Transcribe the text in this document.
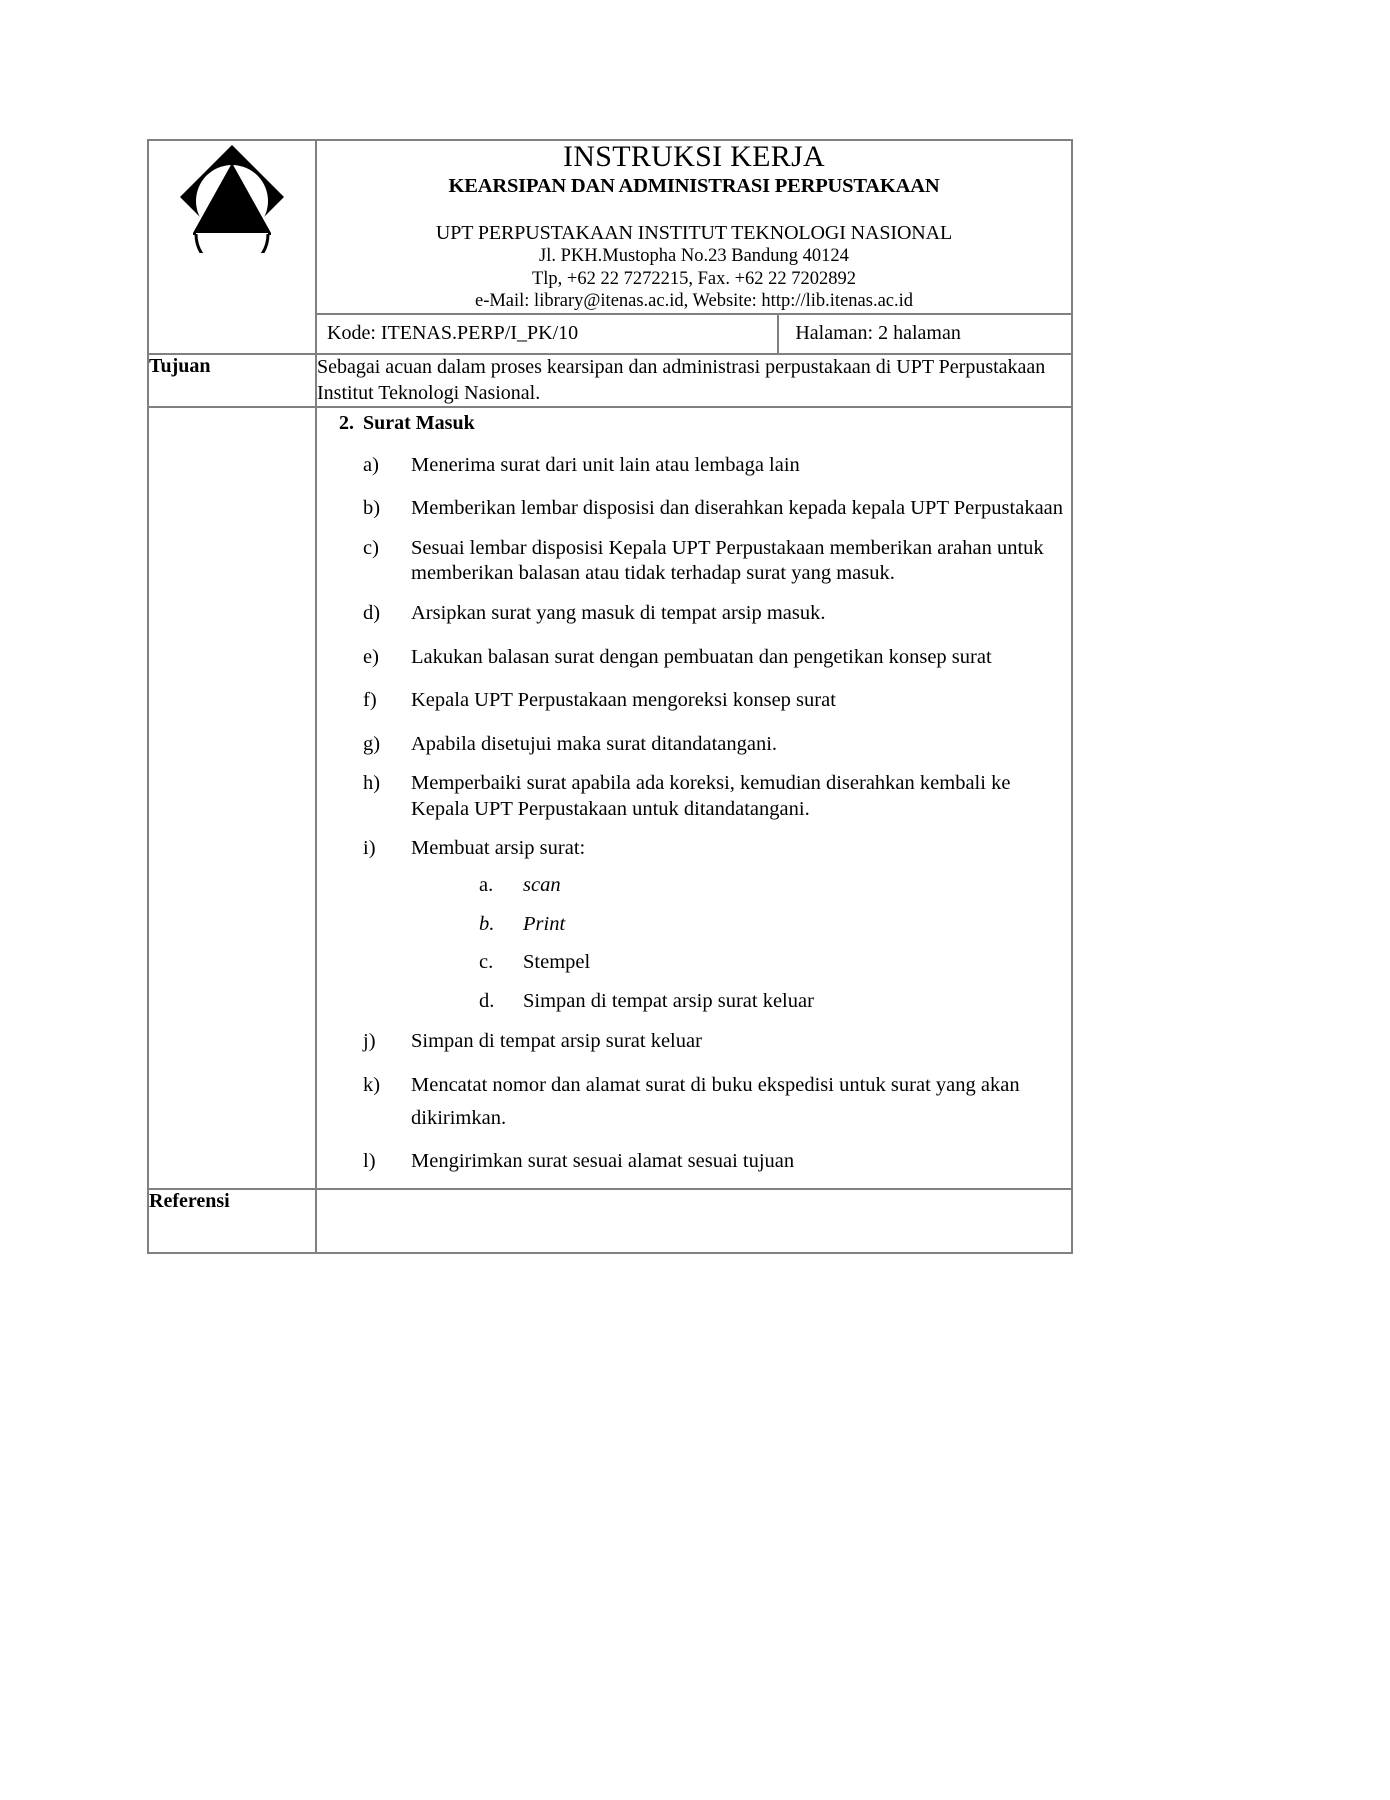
INSTRUKSI KERJA
KEARSIPAN DAN ADMINISTRASI PERPUSTAKAAN
UPT PERPUSTAKAAN INSTITUT TEKNOLOGI NASIONAL
Jl. PKH.Mustopha No.23 Bandung 40124
Tlp, +62 22 7272215, Fax. +62 22 7202892
e-Mail: library@itenas.ac.id, Website: http://lib.itenas.ac.id

Kode: ITENAS.PERP/I_PK/10	Halaman: 2 halaman

Tujuan	Sebagai acuan dalam proses kearsipan dan administrasi perpustakaan di UPT Perpustakaan Institut Teknologi Nasional.

2. Surat Masuk
a)	Menerima surat dari unit lain atau lembaga lain
b)	Memberikan lembar disposisi dan diserahkan kepada kepala UPT Perpustakaan
c)	Sesuai lembar disposisi Kepala UPT Perpustakaan memberikan arahan untuk memberikan balasan atau tidak terhadap surat yang masuk.
d)	Arsipkan surat yang masuk di tempat arsip masuk.
e)	Lakukan balasan surat dengan pembuatan dan pengetikan konsep surat
f)	Kepala UPT Perpustakaan mengoreksi konsep surat
g)	Apabila disetujui maka surat ditandatangani.
h)	Memperbaiki surat apabila ada koreksi, kemudian diserahkan kembali ke Kepala UPT Perpustakaan untuk ditandatangani.
i)	Membuat arsip surat:
a.	scan
b.	Print
c.	Stempel
d.	Simpan di tempat arsip surat keluar
j)	Simpan di tempat arsip surat keluar
k)	Mencatat nomor dan alamat surat di buku ekspedisi untuk surat yang akan dikirimkan.
l)	Mengirimkan surat sesuai alamat sesuai tujuan

Referensi	
